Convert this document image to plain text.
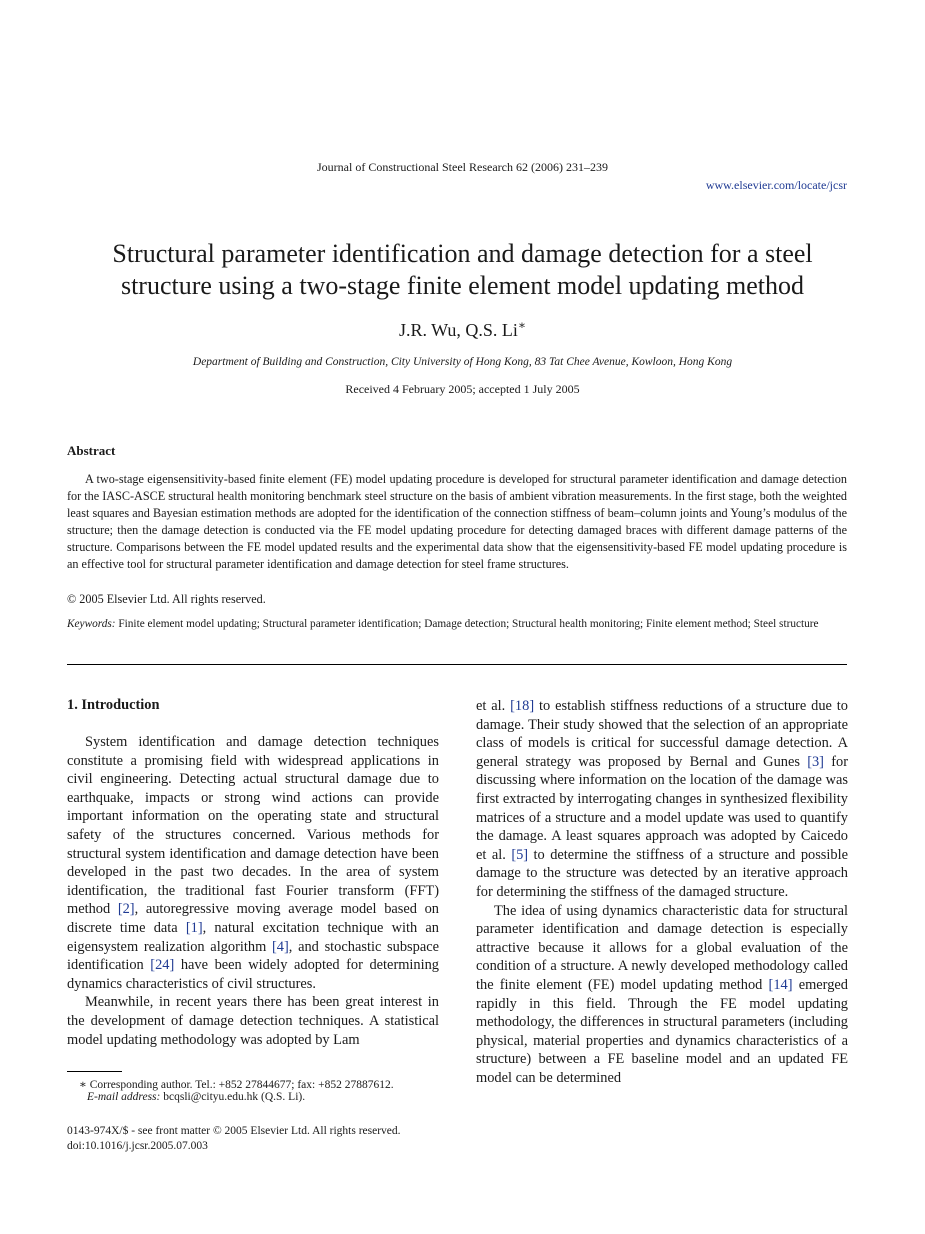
Journal of Constructional Steel Research 62 (2006) 231–239
www.elsevier.com/locate/jcsr
Structural parameter identification and damage detection for a steel
structure using a two-stage finite element model updating method
J.R. Wu, Q.S. Li∗
Department of Building and Construction, City University of Hong Kong, 83 Tat Chee Avenue, Kowloon, Hong Kong
Received 4 February 2005; accepted 1 July 2005
Abstract
A two-stage eigensensitivity-based finite element (FE) model updating procedure is developed for structural parameter identification and damage detection for the IASC-ASCE structural health monitoring benchmark steel structure on the basis of ambient vibration measurements. In the first stage, both the weighted least squares and Bayesian estimation methods are adopted for the identification of the connection stiffness of beam–column joints and Young’s modulus of the structure; then the damage detection is conducted via the FE model updating procedure for detecting damaged braces with different damage patterns of the structure. Comparisons between the FE model updated results and the experimental data show that the eigensensitivity-based FE model updating procedure is an effective tool for structural parameter identification and damage detection for steel frame structures.
© 2005 Elsevier Ltd. All rights reserved.
Keywords: Finite element model updating; Structural parameter identification; Damage detection; Structural health monitoring; Finite element method; Steel structure
1. Introduction

System identification and damage detection techniques constitute a promising field with widespread applications in civil engineering. Detecting actual structural damage due to earthquake, impacts or strong wind actions can provide important information on the operating state and structural safety of the structures concerned. Various methods for structural system identification and damage detection have been developed in the past two decades. In the area of system identification, the traditional fast Fourier transform (FFT) method [2], autoregressive moving average model based on discrete time data [1], natural excitation technique with an eigensystem realization algorithm [4], and stochastic subspace identification [24] have been widely adopted for determining dynamics characteristics of civil structures.

Meanwhile, in recent years there has been great interest in the development of damage detection techniques. A statistical model updating methodology was adopted by Lam

et al. [18] to establish stiffness reductions of a structure due to damage. Their study showed that the selection of an appropriate class of models is critical for successful damage detection. A general strategy was proposed by Bernal and Gunes [3] for discussing where information on the location of the damage was first extracted by interrogating changes in synthesized flexibility matrices of a structure and a model update was used to quantify the damage. A least squares approach was adopted by Caicedo et al. [5] to determine the stiffness of a structure and possible damage to the structure was detected by an iterative approach for determining the stiffness of the damaged structure.

The idea of using dynamics characteristic data for structural parameter identification and damage detection is especially attractive because it allows for a global evaluation of the condition of a structure. A newly developed methodology called the finite element (FE) model updating method [14] emerged rapidly in this field. Through the FE model updating methodology, the differences in structural parameters (including physical, material properties and dynamics characteristics of a structure) between a FE baseline model and an updated FE model can be determined

∗ Corresponding author. Tel.: +852 27844677; fax: +852 27887612.
E-mail address: bcqsli@cityu.edu.hk (Q.S. Li).
0143-974X/$ - see front matter © 2005 Elsevier Ltd. All rights reserved.
doi:10.1016/j.jcsr.2005.07.003
